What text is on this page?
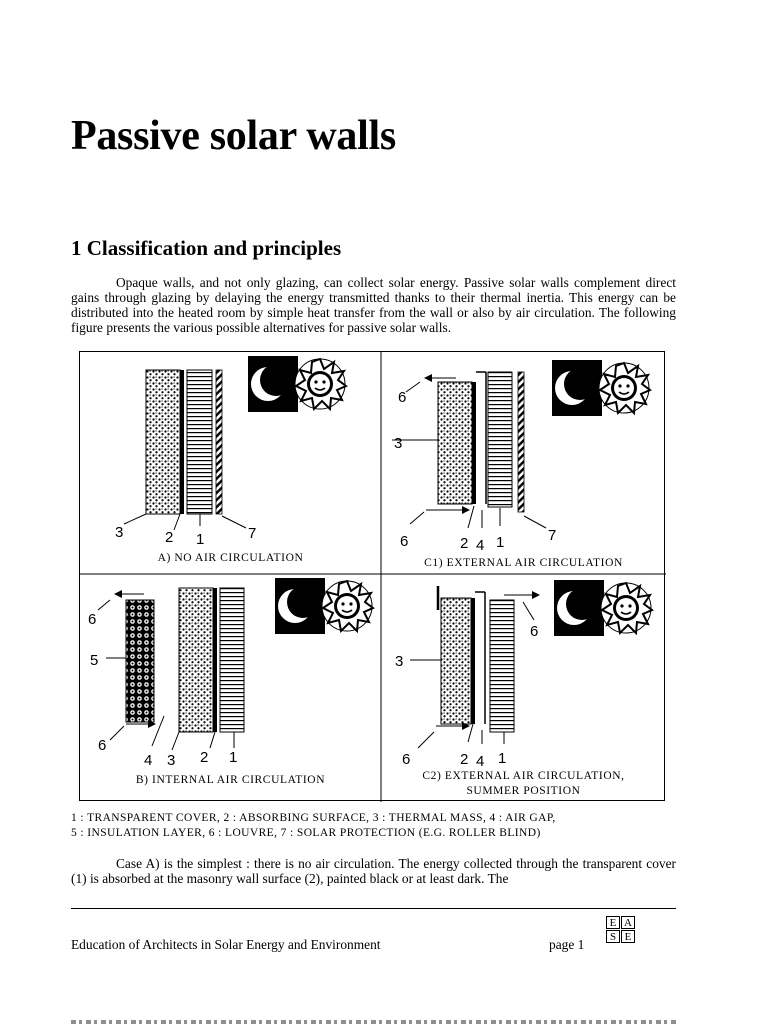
Passive solar walls
1 Classification and principles

Opaque walls, and not only glazing, can collect solar energy. Passive solar walls complement direct gains through glazing by delaying the energy transmitted thanks to their thermal inertia. This energy can be distributed into the heated room by simple heat transfer from the wall or also by air circulation. The following figure presents the various possible alternatives for passive solar walls.

3	2 1	7
6
3
6	2 4 1	7
6
5
6
4 3 2 1
6
3
6	2 4 1
A) NO AIR CIRCULATION	C1) EXTERNAL AIR CIRCULATION
B) INTERNAL AIR CIRCULATION	C2) EXTERNAL AIR CIRCULATION,
SUMMER POSITION
1 : TRANSPARENT COVER, 2 : ABSORBING SURFACE, 3 : THERMAL MASS, 4 : AIR GAP,
5 : INSULATION LAYER, 6 : LOUVRE, 7 : SOLAR PROTECTION (E.G. ROLLER BLIND)

Case A) is the simplest : there is no air circulation. The energy collected through the transparent cover (1) is absorbed at the masonry wall surface (2), painted black or at least dark. The

Education of Architects in Solar Energy and Environment	page 1
E A
S E
